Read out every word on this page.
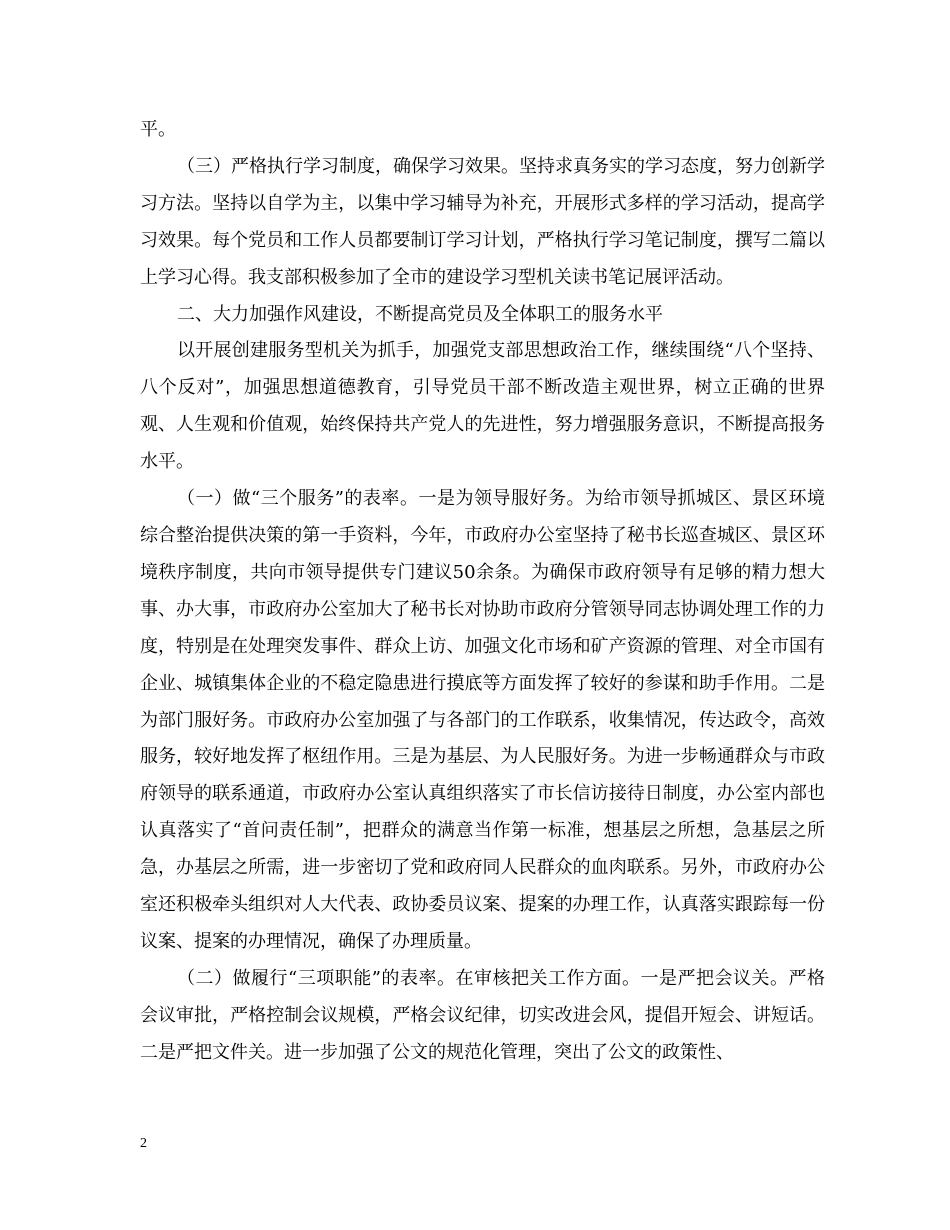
平。

（三）严格执行学习制度，确保学习效果。坚持求真务实的学习态度，努力创新学习方法。坚持以自学为主，以集中学习辅导为补充，开展形式多样的学习活动，提高学习效果。每个党员和工作人员都要制订学习计划，严格执行学习笔记制度，撰写二篇以上学习心得。我支部积极参加了全市的建设学习型机关读书笔记展评活动。

二、大力加强作风建设，不断提高党员及全体职工的服务水平

以开展创建服务型机关为抓手，加强党支部思想政治工作，继续围绕“八个坚持、八个反对”，加强思想道德教育，引导党员干部不断改造主观世界，树立正确的世界观、人生观和价值观，始终保持共产党人的先进性，努力增强服务意识，不断提高报务水平。

（一）做“三个服务”的表率。一是为领导服好务。为给市领导抓城区、景区环境综合整治提供决策的第一手资料，今年，市政府办公室坚持了秘书长巡查城区、景区环境秩序制度，共向市领导提供专门建议50余条。为确保市政府领导有足够的精力想大事、办大事，市政府办公室加大了秘书长对协助市政府分管领导同志协调处理工作的力度，特别是在处理突发事件、群众上访、加强文化市场和矿产资源的管理、对全市国有企业、城镇集体企业的不稳定隐患进行摸底等方面发挥了较好的参谋和助手作用。二是为部门服好务。市政府办公室加强了与各部门的工作联系，收集情况，传达政令，高效服务，较好地发挥了枢纽作用。三是为基层、为人民服好务。为进一步畅通群众与市政府领导的联系通道，市政府办公室认真组织落实了市长信访接待日制度，办公室内部也认真落实了“首问责任制”，把群众的满意当作第一标准，想基层之所想，急基层之所急，办基层之所需，进一步密切了党和政府同人民群众的血肉联系。另外，市政府办公室还积极牵头组织对人大代表、政协委员议案、提案的办理工作，认真落实跟踪每一份议案、提案的办理情况，确保了办理质量。

（二）做履行“三项职能”的表率。在审核把关工作方面。一是严把会议关。严格会议审批，严格控制会议规模，严格会议纪律，切实改进会风，提倡开短会、讲短话。二是严把文件关。进一步加强了公文的规范化管理，突出了公文的政策性、

2
